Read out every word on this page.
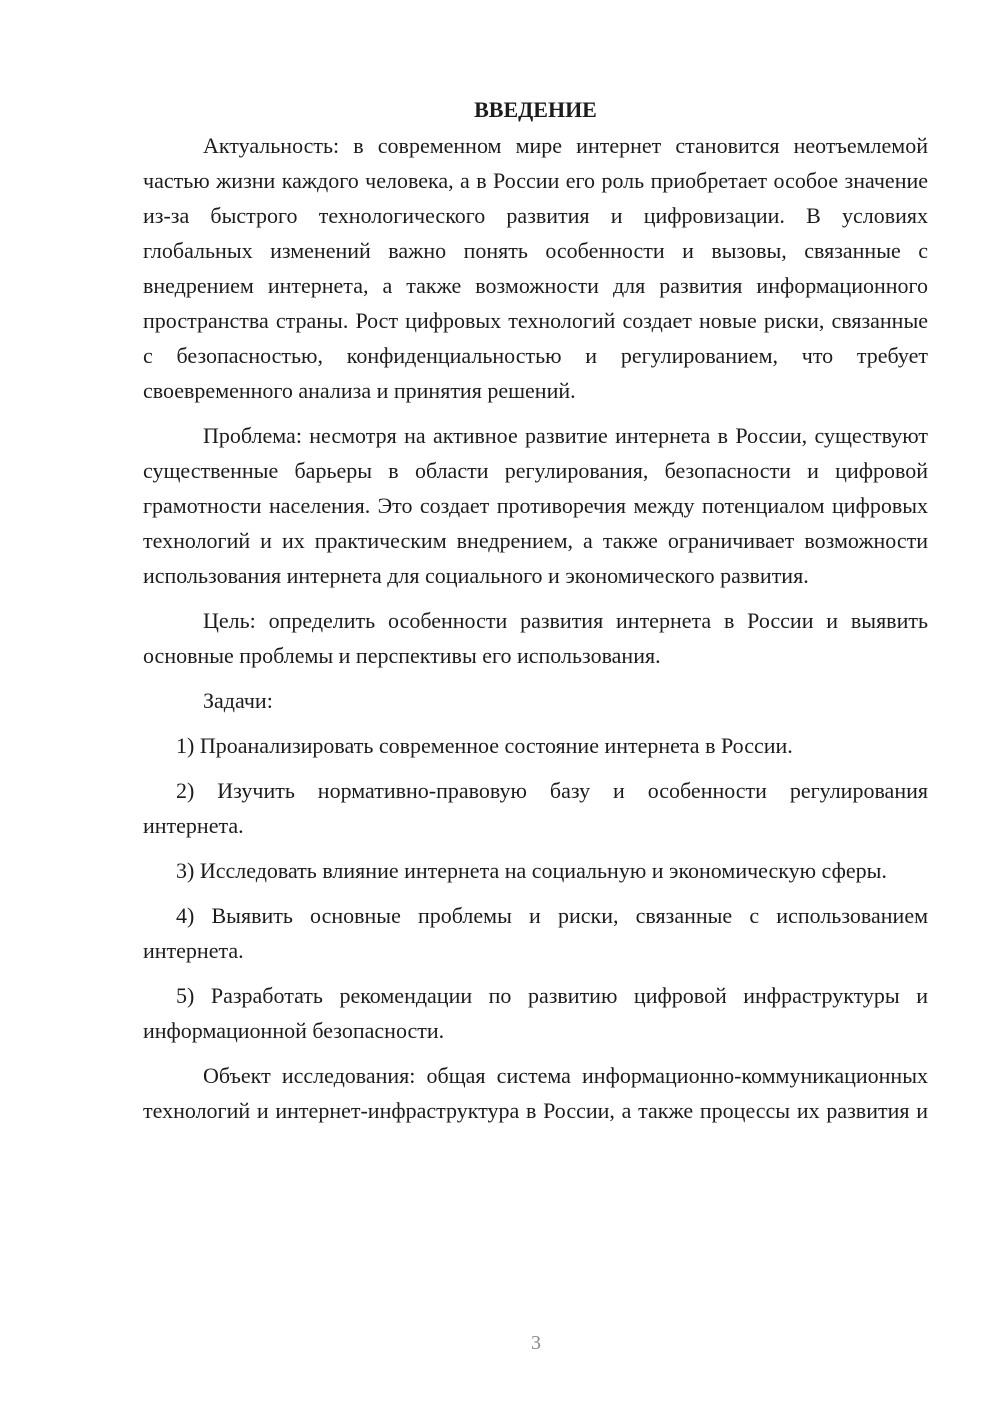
ВВЕДЕНИЕ

Актуальность: в современном мире интернет становится неотъемлемой частью жизни каждого человека, а в России его роль приобретает особое значение из-за быстрого технологического развития и цифровизации. В условиях глобальных изменений важно понять особенности и вызовы, связанные с внедрением интернета, а также возможности для развития информационного пространства страны. Рост цифровых технологий создает новые риски, связанные с безопасностью, конфиденциальностью и регулированием, что требует своевременного анализа и принятия решений.

Проблема: несмотря на активное развитие интернета в России, существуют существенные барьеры в области регулирования, безопасности и цифровой грамотности населения. Это создает противоречия между потенциалом цифровых технологий и их практическим внедрением, а также ограничивает возможности использования интернета для социального и экономического развития.

Цель: определить особенности развития интернета в России и выявить основные проблемы и перспективы его использования.

Задачи:

1) Проанализировать современное состояние интернета в России.

2) Изучить нормативно-правовую базу и особенности регулирования интернета.

3) Исследовать влияние интернета на социальную и экономическую сферы.

4) Выявить основные проблемы и риски, связанные с использованием интернета.

5) Разработать рекомендации по развитию цифровой инфраструктуры и информационной безопасности.

Объект исследования: общая система информационно-коммуникационных технологий и интернет-инфраструктура в России, а также процессы их развития и

3
